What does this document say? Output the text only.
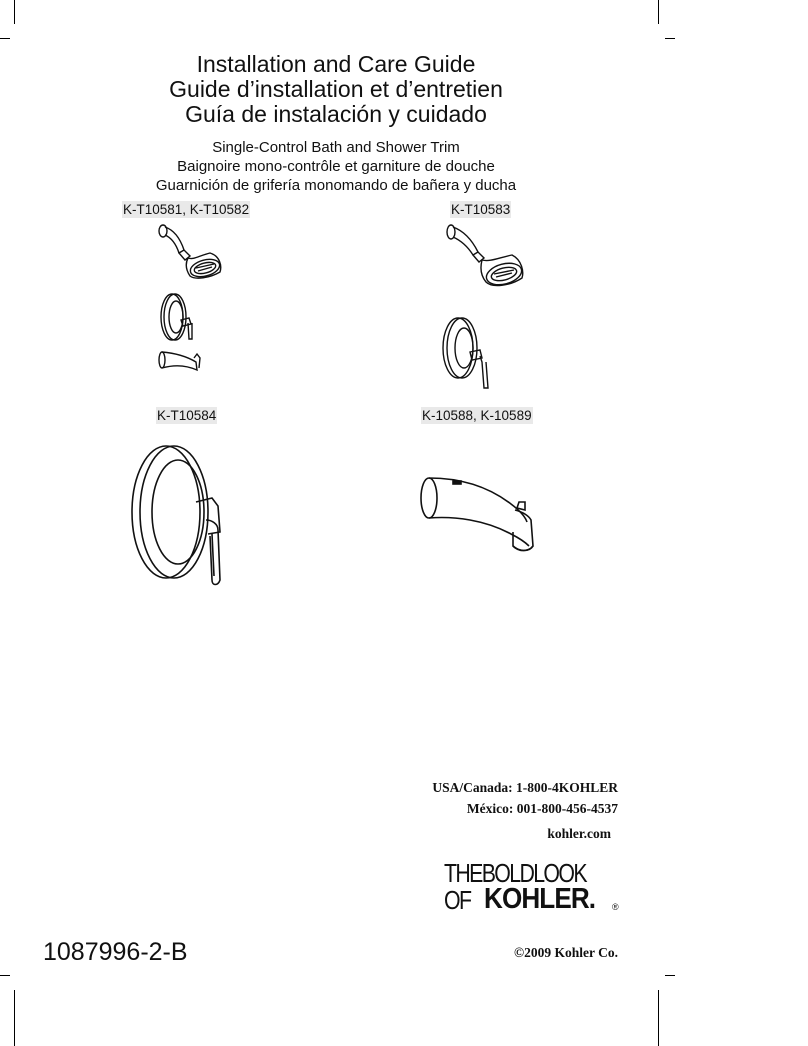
Installation and Care Guide
Guide d’installation et d’entretien
Guía de instalación y cuidado
Single-Control Bath and Shower Trim
Baignoire mono-contrôle et garniture de douche
Guarnición de grifería monomando de bañera y ducha
K-T10581, K-T10582	K-T10583
K-T10584	K-10588, K-10589
USA/Canada: 1-800-4KOHLER
México: 001-800-456-4537
kohler.com
THEBOLDLOOK
OF KOHLER. ®
1087996-2-B	©2009 Kohler Co.
